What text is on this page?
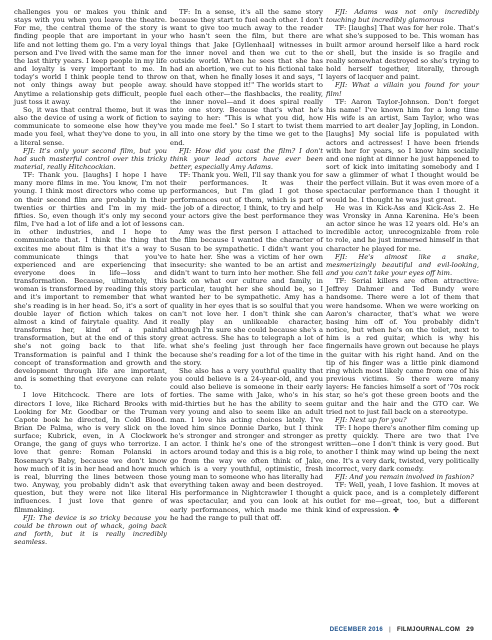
challenges you or makes you think and stays with you when you leave the theatre. For me, the central theme of the story is finding people that are important in your life and not letting them go. I'm a very loyal person and I've lived with the same man for the last thirty years. I keep people in my life and loyalty is very important to me. In today's world I think people tend to throw not only things away but people away. Anytime a relationship gets difficult, people just toss it away.

So, it was that central theme, but it was also the device of using a work of fiction to communicate to someone else how they've made you feel, what they've done to you, in a literal sense.

FJI: It's only your second film, but you had such masterful control over this tricky material, really Hitchcockian.

TF: Thank you. [laughs] I hope I have many more films in me. You know, I'm not young. I think most directors who come up on their second film are probably in their twenties or thirties and I'm in my mid-fifties. So, even though it's only my second film, I've had a lot of life and a lot of lessons in other industries, and I hope to communicate that. I think the thing that excites me about film is that it's a way to communicate things that you've experienced and are experiencing that everyone does in life—loss and transformation. Because, ultimately, this woman is transformed by reading this story and it's important to remember that what she's reading is in her head. So, it's a sort of double layer of fiction which takes on almost a kind of fairytale quality. And it transforms her, kind of a painful transformation, but at the end of this story she's not going back to that life. Transformation is painful and I think the concept of transformation and growth and development through life are important, and is something that everyone can relate to.

I love Hitchcock. There are lots of directors I love, like Richard Brooks with Looking for Mr. Goodbar or the Truman Capote book he directed, In Cold Blood. Brian De Palma, who is very slick on the surface; Kubrick, even, in A Clockwork Orange, the gang of guys who terrorize. I love that genre: Roman Polanski in Rosemary's Baby, because we don't know how much of it is in her head and how much is real, blurring the lines between those two. Anyway, you probably didn't ask that question, but they were not like literal influences. I just love that genre of filmmaking.

FJI: The device is so tricky because you could be thrown out of whack, going back and forth, but it is really incredibly seamless.

TF: In a sense, it's all the same story because they start to fuel each other. I don't want to give too much away to the reader who hasn't seen the film, but there are things that Jake [Gyllenhaal] witnesses in the inner novel and then we cut to the outside world. When he sees that she has had an abortion, we cut to his fictional take on that, when he finally loses it and says, "I should have stopped it!" The worlds start to fuel each other—the flashbacks, the reality, the inner novel—and it does spiral really into one story. Because that's what he's saying to her: "This is what you did, how you made me feel." So I start to twist them all into one story by the time we get to the end.

FJI: How did you cast the film? I don't think your lead actors have ever been better, especially Amy Adams.

TF: Thank you. Well, I'll say thank you for their performances. It was their performances, but I'm glad I got those performances out of them, which is part of the job of a director, I think, to try and help your actors give the best performance they can.

Amy was the first person I attached to the film because I wanted the character of Susan to be sympathetic. I didn't want you to hate her. She was a victim of her own insecurity: she wanted to be an artist and didn't want to turn into her mother. She fell back on what our culture and family, in particular, taught her she should be, so I wanted her to be sympathetic. Amy has a quality in her eyes that is so soulful that you can't not love her. I don't think she can really play an unlikeable character, although I'm sure she could because she's a great actress. She has to telegraph a lot of what she's feeling just through her face because she's reading for a lot of the time in the story.

She also has a very youthful quality that you could believe is a 24-year-old, and you could also believe is someone in their early forties. The same with Jake, who's in his mid-thirties but he has the ability to seem very young and also to seem like an adult man. I love his acting choices lately. I've loved him since Donnie Darko, but I think he's stronger and stronger and stronger as an actor. I think he's one of the strongest actors around today and this is a big role, to go from the way we often think of Jake, which is a very youthful, optimistic, fresh young man to someone who has literally had everything taken away and been destroyed. His performance in Nightcrawler I thought was spectacular, and you can look at his early performances, which made me think he had the range to pull that off.

FJI: Adams was not only incredibly touching but incredibly glamorous

TF: [laughs] That was for her role. That's what she's supposed to be. This woman has built armor around herself like a hard rock or shell, but the inside is so fragile and really somewhat destroyed so she's trying to hold herself together, literally, through layers of lacquer and paint.

FJI: What a villain you found for your film!

TF: Aaron Taylor-Johnson. Don't forget his name! I've known him for a long time His wife is an artist, Sam Taylor, who was married to art dealer Jay Jopling, in London. [laughs] My social life is populated with actors and actresses! I have been friends with her for years, so I know him socially and one night at dinner he just happened to sort of kick into imitating somebody and I saw a glimmer of what I thought would be the perfect villain. But it was even more of a spectacular performance than I thought it would be. I thought he was just great.

He was in Kick-Ass and Kick-Ass 2. He was Vronsky in Anna Karenina. He's been an actor since he was 12 years old. He's an incredible actor, unrecognizable from role to role, and he just immersed himself in that character he played for me.

FJI: He's almost like a snake, mesmerizingly beautiful and evil-looking, and you can't take your eyes off him.

TF: Serial killers are often attractive: Jeffrey Dahmer and Ted Bundy were handsome. There were a lot of them that were handsome. When we were working on Aaron's character, that's what we were basing him off of. You probably didn't notice, but when he's on the toilet, next to him is a red guitar, which is why his fingernails have grown out because he plays the guitar with his right hand. And on the tip of his finger was a little pink diamond ring which most likely came from one of his previous victims. So there were many layers: He fancies himself a sort of '70s rock star, so he's got these green boots and the guitar and the hair and the GTO car. We tried not to just fall back on a stereotype.

FJI: Next up for you?

TF: I hope there's another film coming up pretty quickly. There are two that I've written—one I don't think is very good. But another I think may wind up being the next one. It's a very dark, twisted, very politically incorrect, very dark comedy.

FJI: And you remain involved in fashion?

TF: Well, yeah, I love fashion. It moves at a quick pace, and is a completely different outlet for me—great, too, but a different kind of expression. ✤

DECEMBER 2016 | FILMJOURNAL.COM 29
